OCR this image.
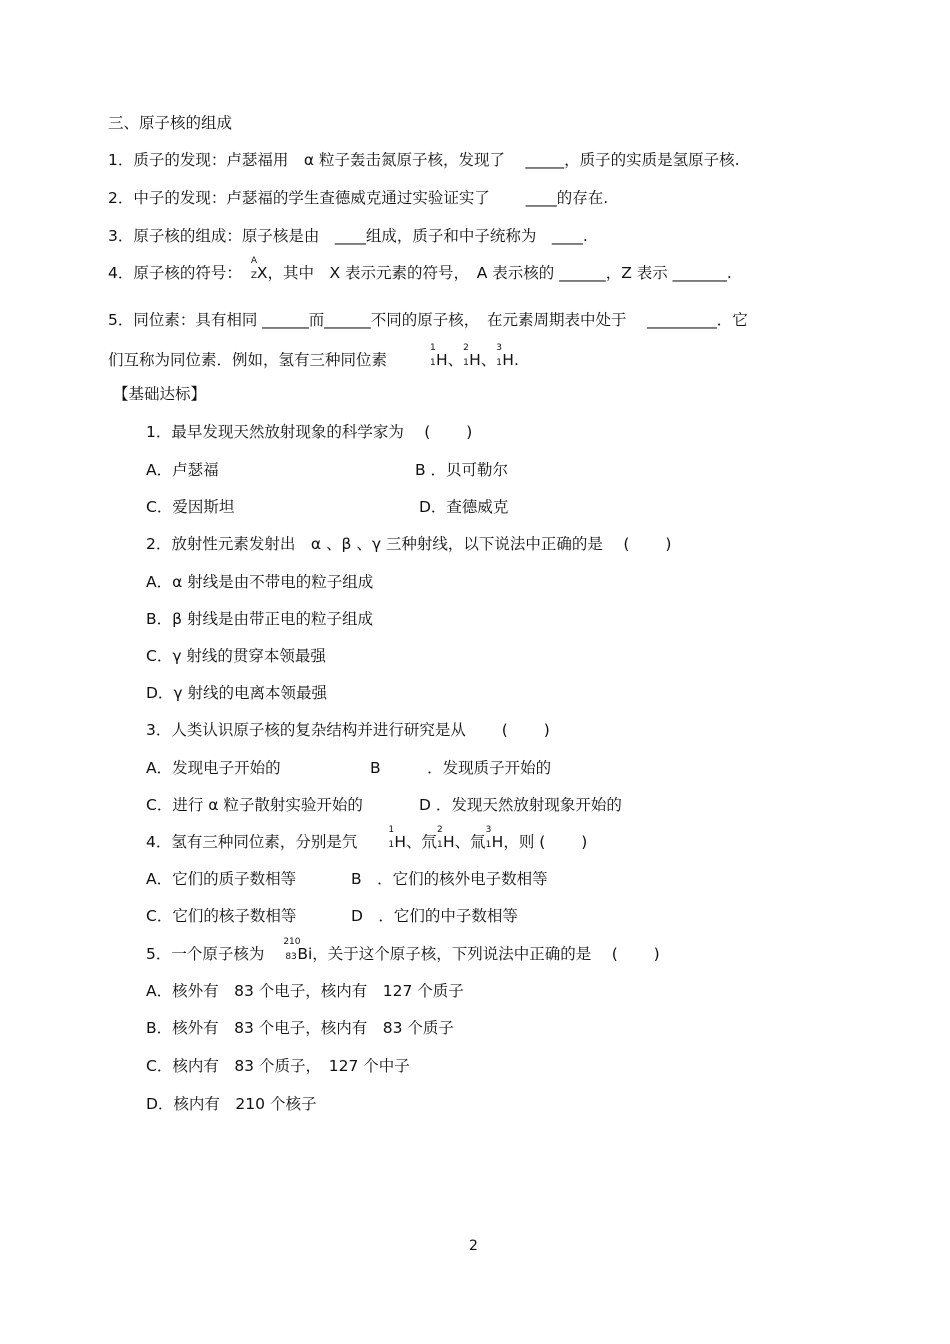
三、原子核的组成
1．质子的发现：卢瑟福用　α 粒子轰击氮原子核，发现了　 _____，质子的实质是氢原子核.
2．中子的发现：卢瑟福的学生查德威克通过实验证实了　　 ____的存在.
3．原子核的组成：原子核是由　____组成，质子和中子统称为　____.
4．原子核的符号：
A
Z X，其中　X 表示元素的符号，　A 表示核的 ______，Z 表示 _______.
5．同位素：具有相同 ______而______不同的原子核，　在元素周期表中处于　 _________．它
们互称为同位素．例如，氢有三种同位素
1
1 H、
2
1 H、
3
1 H.
【基础达标】
1．最早发现天然放射现象的科学家为　 (　　 )
A．卢瑟福	B ．贝可勒尔
C．爱因斯坦	D．查德威克
2．放射性元素发射出　α 、β 、γ 三种射线，以下说法中正确的是　 (　　 )
A．α 射线是由不带电的粒子组成
B．β 射线是由带正电的粒子组成
C．γ 射线的贯穿本领最强
D．γ 射线的电离本领最强
3．人类认识原子核的复杂结构并进行研究是从　　 (　　 )
A．发现电子开始的	B　　　．发现质子开始的
C．进行 α 粒子散射实验开始的	D ．发现天然放射现象开始的
4．氢有三种同位素，分别是氕
1
1 H、氘
2
1 H、氚
3
1 H，则 (　　 )
A．它们的质子数相等	B　．它们的核外电子数相等
C．它们的核子数相等	D　．它们的中子数相等
5．一个原子核为
210
83 Bi，关于这个原子核，下列说法中正确的是　 (　　 )
A．核外有　83 个电子，核内有　127 个质子
B．核外有　83 个电子，核内有　83 个质子
C．核内有　83 个质子，　127 个中子
D．核内有　210 个核子
2
